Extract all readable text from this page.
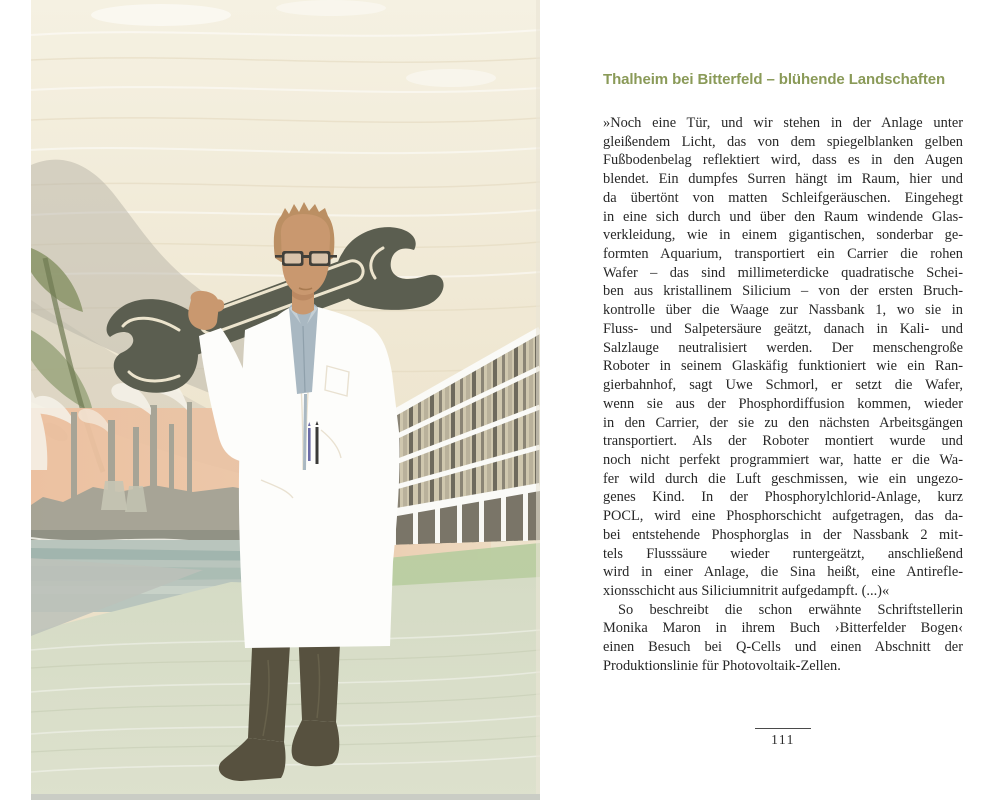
Thalheim bei Bitterfeld – blühende Landschaften
»Noch eine Tür, und wir stehen in der Anlage unter
gleißendem Licht, das von dem spiegelblanken gelben
Fußbodenbelag reflektiert wird, dass es in den Augen
blendet. Ein dumpfes Surren hängt im Raum, hier und
da übertönt von matten Schleifgeräuschen. Eingehegt
in eine sich durch und über den Raum windende Glas-
verkleidung, wie in einem gigantischen, sonderbar ge-
formten Aquarium, transportiert ein Carrier die rohen
Wafer – das sind millimeterdicke quadratische Schei-
ben aus kristallinem Silicium – von der ersten Bruch-
kontrolle über die Waage zur Nassbank 1, wo sie in
Fluss- und Salpetersäure geätzt, danach in Kali- und
Salzlauge neutralisiert werden. Der menschengroße
Roboter in seinem Glaskäfig funktioniert wie ein Ran-
gierbahnhof, sagt Uwe Schmorl, er setzt die Wafer,
wenn sie aus der Phosphordiffusion kommen, wieder
in den Carrier, der sie zu den nächsten Arbeitsgängen
transportiert. Als der Roboter montiert wurde und
noch nicht perfekt programmiert war, hatte er die Wa-
fer wild durch die Luft geschmissen, wie ein ungezo-
genes Kind. In der Phosphorylchlorid-Anlage, kurz
POCL, wird eine Phosphorschicht aufgetragen, das da-
bei entstehende Phosphorglas in der Nassbank 2 mit-
tels Flusssäure wieder runtergeätzt, anschließend
wird in einer Anlage, die Sina heißt, eine Antirefle-
xionsschicht aus Siliciumnitrit aufgedampft. (...)«
So beschreibt die schon erwähnte Schriftstellerin
Monika Maron in ihrem Buch ›Bitterfelder Bogen‹
einen Besuch bei Q-Cells und einen Abschnitt der
Produktionslinie für Photovoltaik-Zellen.
111
